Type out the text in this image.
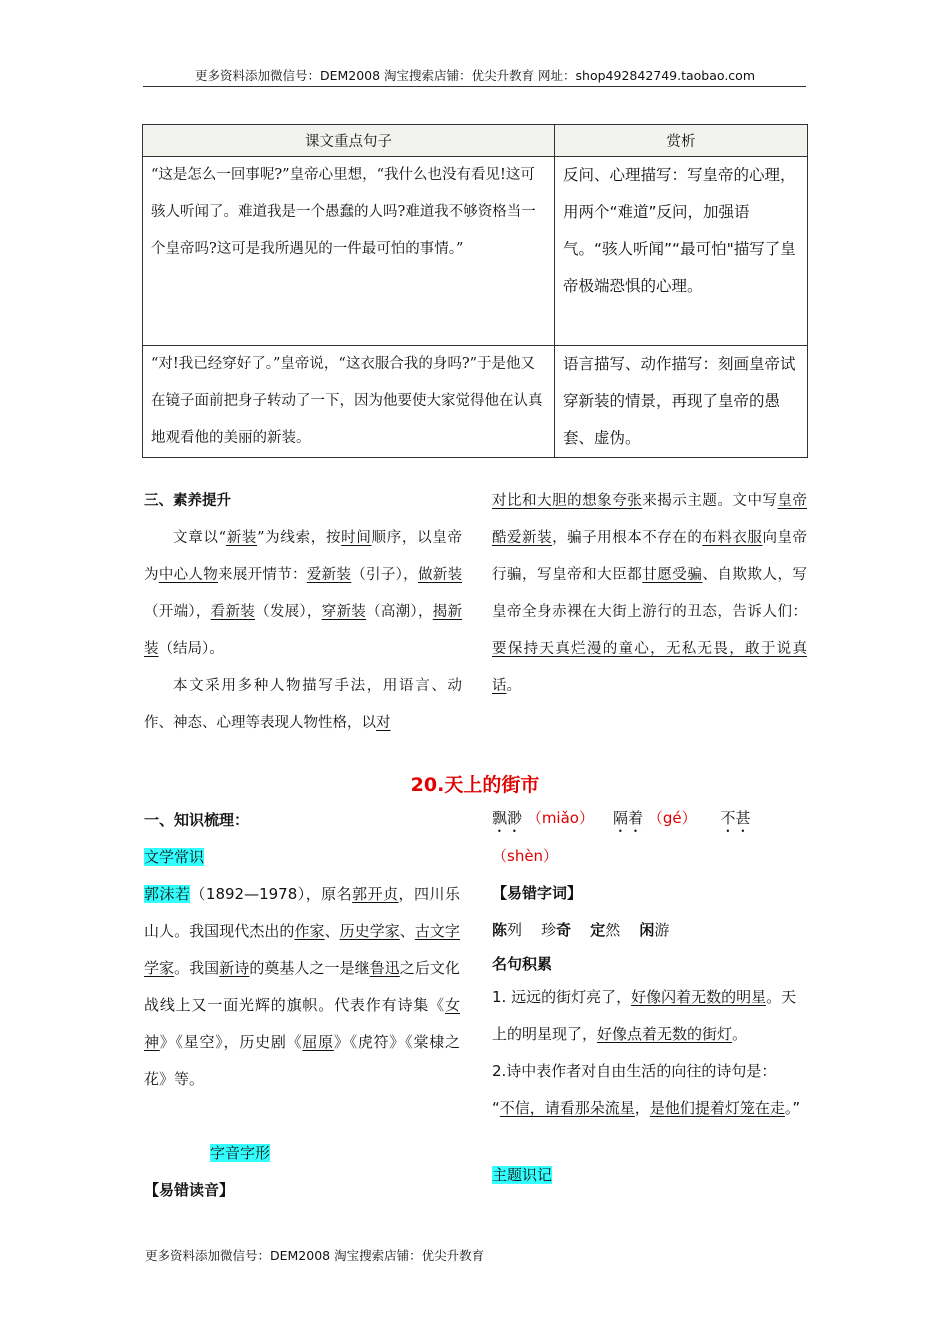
更多资料添加微信号：DEM2008 淘宝搜索店铺：优尖升教育 网址：shop492842749.taobao.com
课文重点句子	赏析
“这是怎么一回事呢?”皇帝心里想，“我什么也没有看见!这可骇人听闻了。难道我是一个愚蠢的人吗?难道我不够资格当一个皇帝吗?这可是我所遇见的一件最可怕的事情。”	反问、心理描写：写皇帝的心理，用两个“难道”反问，加强语气。“骇人听闻”“最可怕"描写了皇帝极端恐惧的心理。
“对!我已经穿好了。”皇帝说，“这衣服合我的身吗?”于是他又在镜子面前把身子转动了一下，因为他要使大家觉得他在认真地观看他的美丽的新装。	语言描写、动作描写：刻画皇帝试穿新装的情景，再现了皇帝的愚套、虚伪。

三、素养提升

文章以“新装”为线索，按时间顺序，以皇帝为中心人物来展开情节：爱新装（引子），做新装（开端），看新装（发展），穿新装（高潮），揭新装（结局）。

本文采用多种人物描写手法，用语言、动作、神态、心理等表现人物性格，以对

对比和大胆的想象夸张来揭示主题。文中写皇帝酷爱新装，骗子用根本不存在的布料衣服向皇帝行骗，写皇帝和大臣都甘愿受骗、自欺欺人，写皇帝全身赤裸在大街上游行的丑态，告诉人们：要保持天真烂漫的童心，无私无畏，敢于说真话。

20.天上的街市

一、知识梳理：

文学常识

郭沫若（1892—1978），原名郭开贞，四川乐山人。我国现代杰出的作家、历史学家、古文字学家。我国新诗的奠基人之一是继鲁迅之后文化战线上又一面光辉的旗帜。代表作有诗集《女神》《星空》，历史剧《屈原》《虎符》《棠棣之花》等。

字音字形

【易错读音】

飘渺 （miǎo） 隔着 （gé） 不甚
（shèn）

【易错字词】

陈列 珍奇 定然 闲游

名句积累

1. 远远的街灯亮了，好像闪着无数的明星。天上的明星现了，好像点着无数的街灯。

2.诗中表作者对自由生活的向往的诗句是：
“不信，请看那朵流星，是他们提着灯笼在走。”

主题识记

更多资料添加微信号：DEM2008 淘宝搜索店铺：优尖升教育
